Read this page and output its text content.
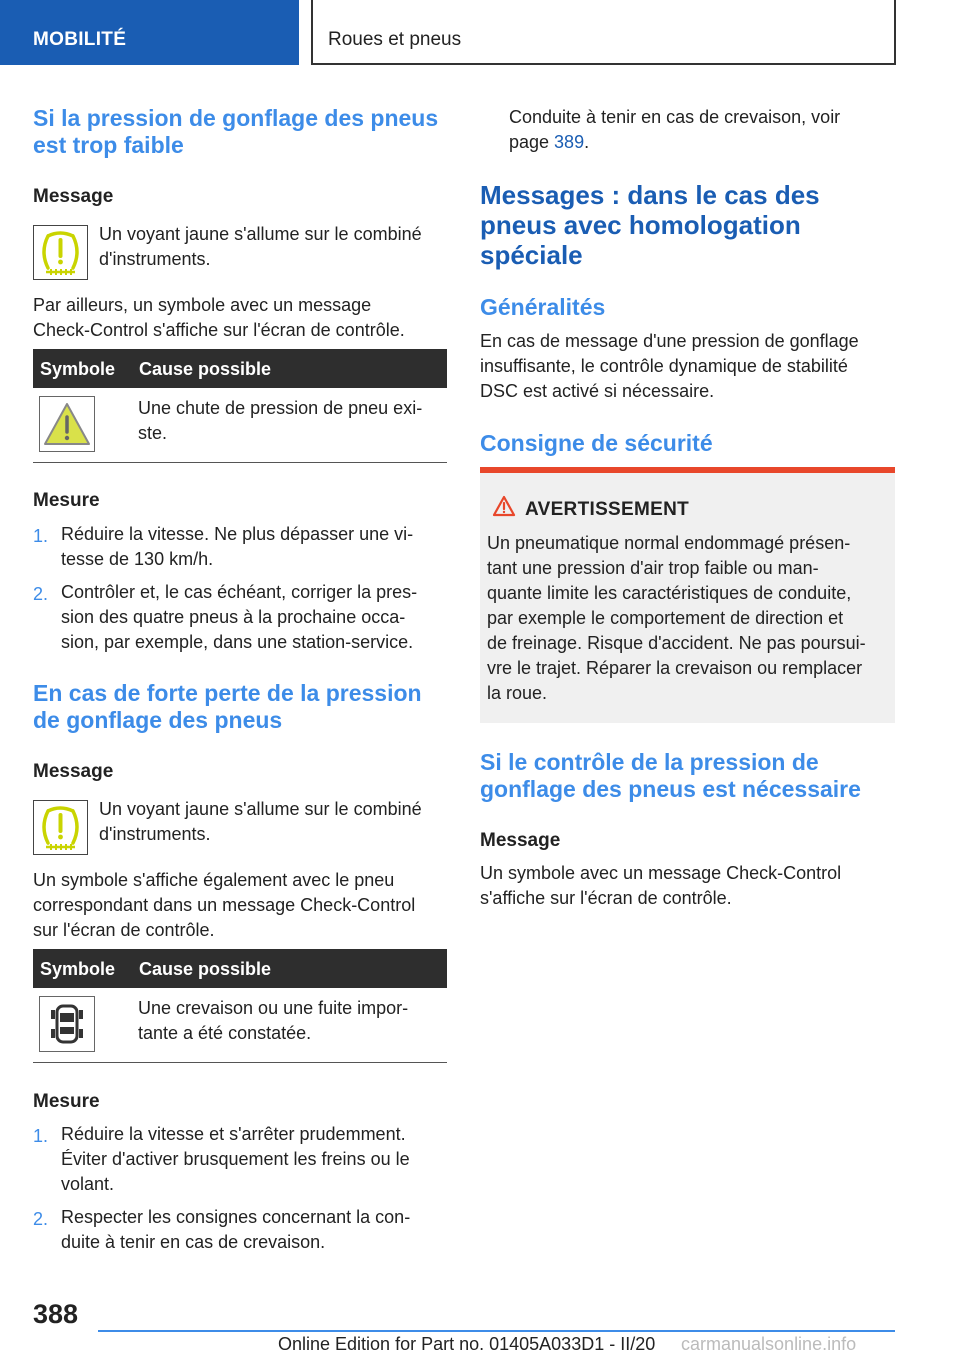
MOBILITÉ	Roues et pneus
Si la pression de gonflage des pneus
est trop faible
Message
Un voyant jaune s'allume sur le combiné
d'instruments.
Par ailleurs, un symbole avec un message
Check-Control s'affiche sur l'écran de contrôle.
Symbole Cause possible
Une chute de pression de pneu exi-
ste.
Mesure
1. Réduire la vitesse. Ne plus dépasser une vi-
tesse de 130 km/h.
2. Contrôler et, le cas échéant, corriger la pres-
sion des quatre pneus à la prochaine occa-
sion, par exemple, dans une station-service.
En cas de forte perte de la pression
de gonflage des pneus
Message
Un voyant jaune s'allume sur le combiné
d'instruments.
Un symbole s'affiche également avec le pneu
correspondant dans un message Check-Control
sur l'écran de contrôle.
Symbole Cause possible
Une crevaison ou une fuite impor-
tante a été constatée.
Mesure
1. Réduire la vitesse et s'arrêter prudemment.
Éviter d'activer brusquement les freins ou le
volant.
2. Respecter les consignes concernant la con-
duite à tenir en cas de crevaison.
Conduite à tenir en cas de crevaison, voir
page 389.
Messages : dans le cas des
pneus avec homologation
spéciale
Généralités
En cas de message d'une pression de gonflage
insuffisante, le contrôle dynamique de stabilité
DSC est activé si nécessaire.
Consigne de sécurité
AVERTISSEMENT
Un pneumatique normal endommagé présen-
tant une pression d'air trop faible ou man-
quante limite les caractéristiques de conduite,
par exemple le comportement de direction et
de freinage. Risque d'accident. Ne pas poursui-
vre le trajet. Réparer la crevaison ou remplacer
la roue.
Si le contrôle de la pression de
gonflage des pneus est nécessaire
Message
Un symbole avec un message Check-Control
s'affiche sur l'écran de contrôle.
388
Online Edition for Part no. 01405A033D1 - II/20 carmanualsonline.info
